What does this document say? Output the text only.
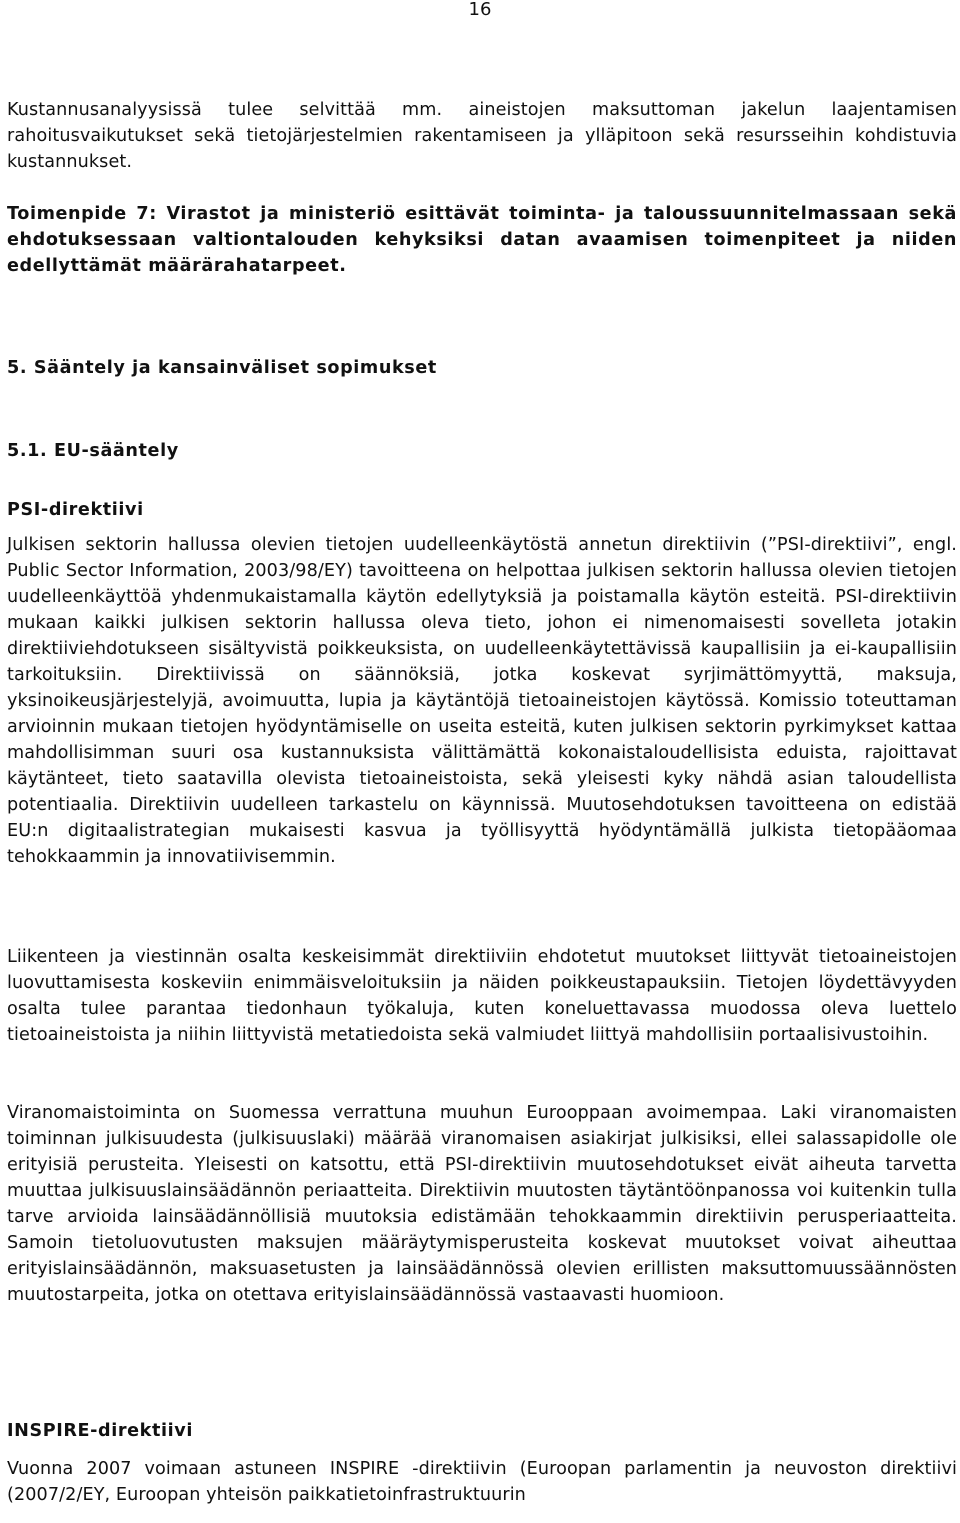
16

Kustannusanalyysissä tulee selvittää mm. aineistojen maksuttoman jakelun laajentamisen rahoitusvaikutukset sekä tietojärjestelmien rakentamiseen ja ylläpitoon sekä resursseihin kohdistuvia kustannukset.

Toimenpide 7: Virastot ja ministeriö esittävät toiminta- ja taloussuunnitelmassaan sekä ehdotuksessaan valtiontalouden kehyksiksi datan avaamisen toimenpiteet ja niiden edellyttämät määrärahatarpeet.

5. Sääntely ja kansainväliset sopimukset
5.1. EU-sääntely
PSI-direktiivi

Julkisen sektorin hallussa olevien tietojen uudelleenkäytöstä annetun direktiivin (”PSI-direktiivi”, engl. Public Sector Information, 2003/98/EY) tavoitteena on helpottaa julkisen sektorin hallussa olevien tietojen uudelleenkäyttöä yhdenmukaistamalla käytön edellytyksiä ja poistamalla käytön esteitä. PSI-direktiivin mukaan kaikki julkisen sektorin hallussa oleva tieto, johon ei nimenomaisesti sovelleta jotakin direktiiviehdotukseen sisältyvistä poikkeuksista, on uudelleenkäytettävissä kaupallisiin ja ei-kaupallisiin tarkoituksiin. Direktiivissä on säännöksiä, jotka koskevat syrjimättömyyttä, maksuja, yksinoikeusjärjestelyjä, avoimuutta, lupia ja käytäntöjä tietoaineistojen käytössä. Komissio toteuttaman arvioinnin mukaan tietojen hyödyntämiselle on useita esteitä, kuten julkisen sektorin pyrkimykset kattaa mahdollisimman suuri osa kustannuksista välittämättä kokonaistaloudellisista eduista, rajoittavat käytänteet, tieto saatavilla olevista tietoaineistoista, sekä yleisesti kyky nähdä asian taloudellista potentiaalia. Direktiivin uudelleen tarkastelu on käynnissä. Muutosehdotuksen tavoitteena on edistää EU:n digitaalistrategian mukaisesti kasvua ja työllisyyttä hyödyntämällä julkista tietopääomaa tehokkaammin ja innovatiivisemmin.

Liikenteen ja viestinnän osalta keskeisimmät direktiiviin ehdotetut muutokset liittyvät tietoaineistojen luovuttamisesta koskeviin enimmäisveloituksiin ja näiden poikkeustapauksiin. Tietojen löydettävyyden osalta tulee parantaa tiedonhaun työkaluja, kuten koneluettavassa muodossa oleva luettelo tietoaineistoista ja niihin liittyvistä metatiedoista sekä valmiudet liittyä mahdollisiin portaalisivustoihin.

Viranomaistoiminta on Suomessa verrattuna muuhun Eurooppaan avoimempaa. Laki viranomaisten toiminnan julkisuudesta (julkisuuslaki) määrää viranomaisen asiakirjat julkisiksi, ellei salassapidolle ole erityisiä perusteita. Yleisesti on katsottu, että PSI-direktiivin muutosehdotukset eivät aiheuta tarvetta muuttaa julkisuuslainsäädännön periaatteita. Direktiivin muutosten täytäntöönpanossa voi kuitenkin tulla tarve arvioida lainsäädännöllisiä muutoksia edistämään tehokkaammin direktiivin perusperiaatteita. Samoin tietoluovutusten maksujen määräytymisperusteita koskevat muutokset voivat aiheuttaa erityislainsäädännön, maksuasetusten ja lainsäädännössä olevien erillisten maksuttomuussäännösten muutostarpeita, jotka on otettava erityislainsäädännössä vastaavasti huomioon.

INSPIRE-direktiivi

Vuonna 2007 voimaan astuneen INSPIRE -direktiivin (Euroopan parlamentin ja neuvoston direktiivi (2007/2/EY, Euroopan yhteisön paikkatietoinfrastruktuurin
